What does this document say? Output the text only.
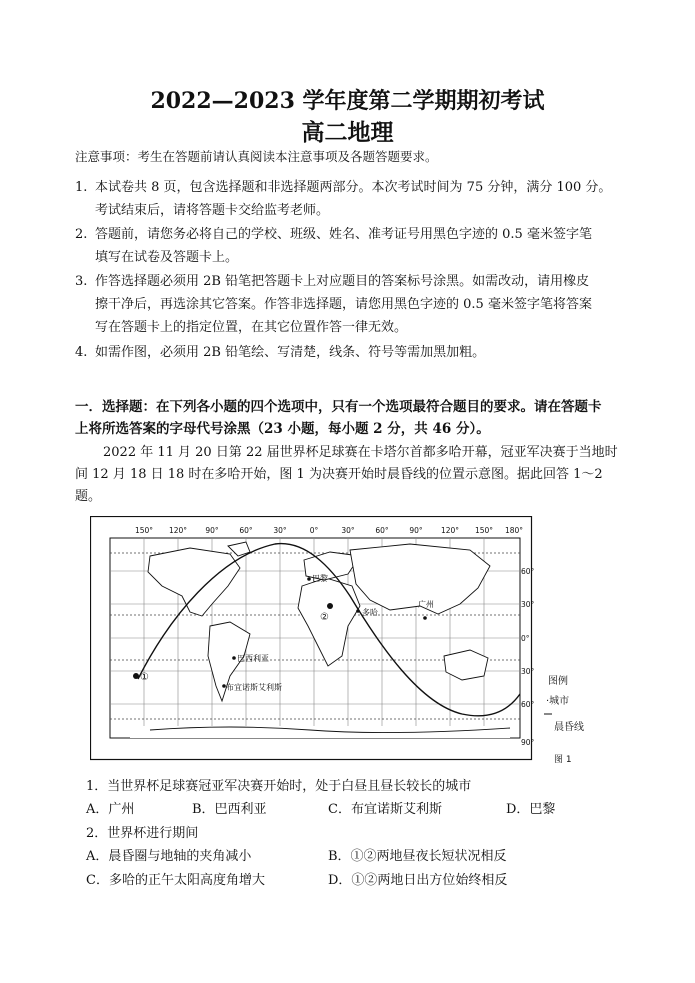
2022—2023 学年度第二学期期初考试
高二地理
注意事项：考生在答题前请认真阅读本注意事项及各题答题要求。
1. 本试卷共 8 页，包含选择题和非选择题两部分。本次考试时间为 75 分钟，满分 100 分。
考试结束后，请将答题卡交给监考老师。
2. 答题前，请您务必将自己的学校、班级、姓名、准考证号用黑色字迹的 0.5 毫米签字笔
填写在试卷及答题卡上。
3. 作答选择题必须用 2B 铅笔把答题卡上对应题目的答案标号涂黑。如需改动，请用橡皮
擦干净后，再选涂其它答案。作答非选择题，请您用黑色字迹的 0.5 毫米签字笔将答案
写在答题卡上的指定位置，在其它位置作答一律无效。
4. 如需作图，必须用 2B 铅笔绘、写清楚，线条、符号等需加黑加粗。
一．选择题：在下列各小题的四个选项中，只有一个选项最符合题目的要求。请在答题卡
上将所选答案的字母代号涂黑（23 小题，每小题 2 分，共 46 分）。
2022 年 11 月 20 日第 22 届世界杯足球赛在卡塔尔首都多哈开幕，冠亚军决赛于当地时
间 12 月 18 日 18 时在多哈开始，图 1 为决赛开始时晨昏线的位置示意图。据此回答 1～2
题。
150° 120° 90°	60°	30°	0°	30°	60°	90° 120° 150° 180°
60°
30°
0°
30°
60°
90°
巴黎
多哈
广州
巴西利亚
布宜诺斯艾利斯
①
②
图例
·城市
晨昏线
图 1
1．当世界杯足球赛冠亚军决赛开始时，处于白昼且昼长较长的城市
A．广州	B．巴西利亚	C．布宜诺斯艾利斯	D．巴黎
2．世界杯进行期间
A．晨昏圈与地轴的夹角减小	B．①②两地昼夜长短状况相反
C．多哈的正午太阳高度角增大	D．①②两地日出方位始终相反
